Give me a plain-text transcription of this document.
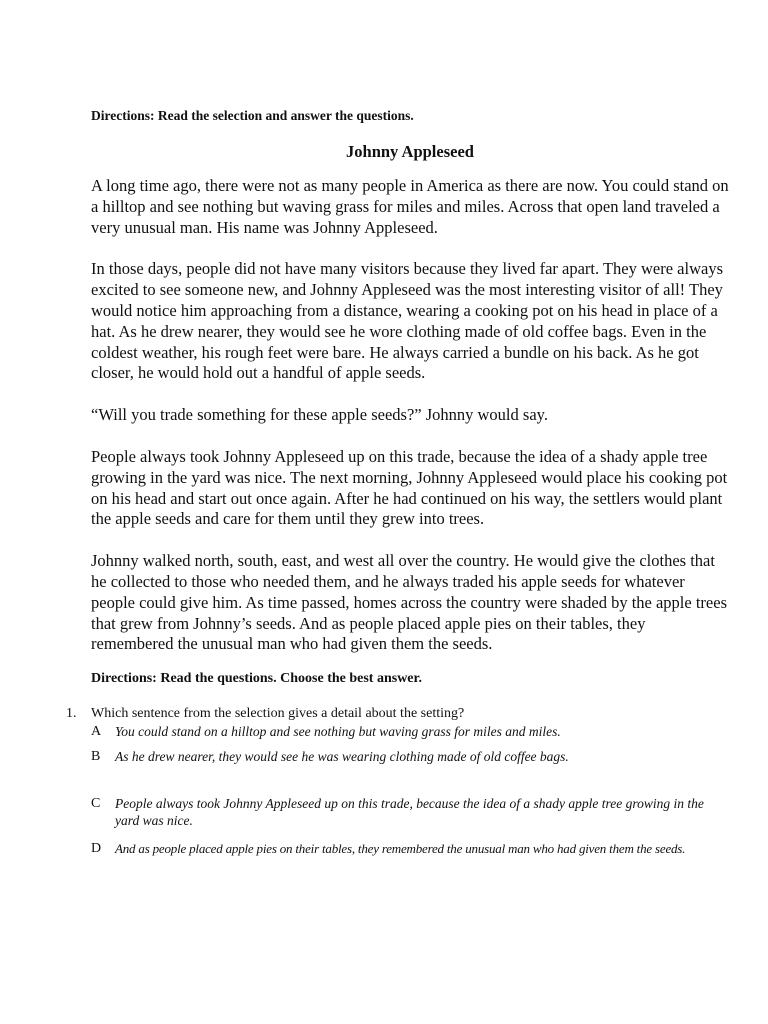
Directions: Read the selection and answer the questions.

Johnny Appleseed

A long time ago, there were not as many people in America as there are now. You could stand on a hilltop and see nothing but waving grass for miles and miles. Across that open land traveled a very unusual man. His name was Johnny Appleseed.

In those days, people did not have many visitors because they lived far apart. They were always excited to see someone new, and Johnny Appleseed was the most interesting visitor of all! They would notice him approaching from a distance, wearing a cooking pot on his head in place of a hat. As he drew nearer, they would see he wore clothing made of old coffee bags. Even in the coldest weather, his rough feet were bare. He always carried a bundle on his back. As he got closer, he would hold out a handful of apple seeds.

“Will you trade something for these apple seeds?” Johnny would say.

People always took Johnny Appleseed up on this trade, because the idea of a shady apple tree growing in the yard was nice. The next morning, Johnny Appleseed would place his cooking pot on his head and start out once again. After he had continued on his way, the settlers would plant the apple seeds and care for them until they grew into trees.

Johnny walked north, south, east, and west all over the country. He would give the clothes that he collected to those who needed them, and he always traded his apple seeds for whatever people could give him. As time passed, homes across the country were shaded by the apple trees that grew from Johnny’s seeds. And as people placed apple pies on their tables, they remembered the unusual man who had given them the seeds.

Directions: Read the questions. Choose the best answer.

1. Which sentence from the selection gives a detail about the setting?

A You could stand on a hilltop and see nothing but waving grass for miles and miles.
B As he drew nearer, they would see he was wearing clothing made of old coffee bags.
C People always took Johnny Appleseed up on this trade, because the idea of a shady apple tree growing in the yard was nice.
D And as people placed apple pies on their tables, they remembered the unusual man who had given them the seeds.
